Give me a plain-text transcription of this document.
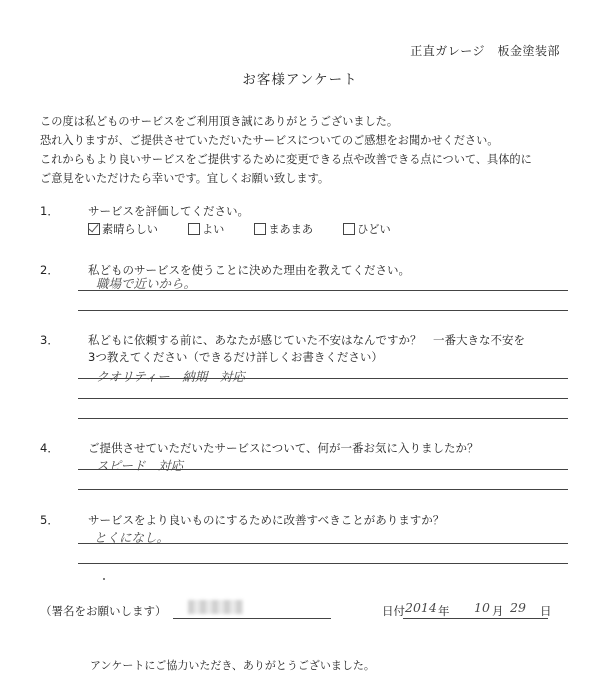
正直ガレージ　板金塗装部
お客様アンケート
この度は私どものサービスをご利用頂き誠にありがとうございました。
恐れ入りますが、ご提供させていただいたサービスについてのご感想をお聞かせください。
これからもより良いサービスをご提供するために変更できる点や改善できる点について、具体的に
ご意見をいただけたら幸いです。宜しくお願い致します。
1．	サービスを評価してください。
素晴らしい	よい	まあまあ	ひどい
2．	私どものサービスを使うことに決めた理由を教えてください。
職場で近いから。
3．	私どもに依頼する前に、あなたが感じていた不安はなんですか？　一番大きな不安を
3つ教えてください（できるだけ詳しくお書きください）
クオリティー　納期　対応
4．	ご提供させていただいたサービスについて、何が一番お気に入りましたか？
スピード　対応
5．	サービスをより良いものにするために改善すべきことがありますか？
とくになし。
（署名をお願いします）	日付 2014 年 10 月 29 日
アンケートにご協力いただき、ありがとうございました。
